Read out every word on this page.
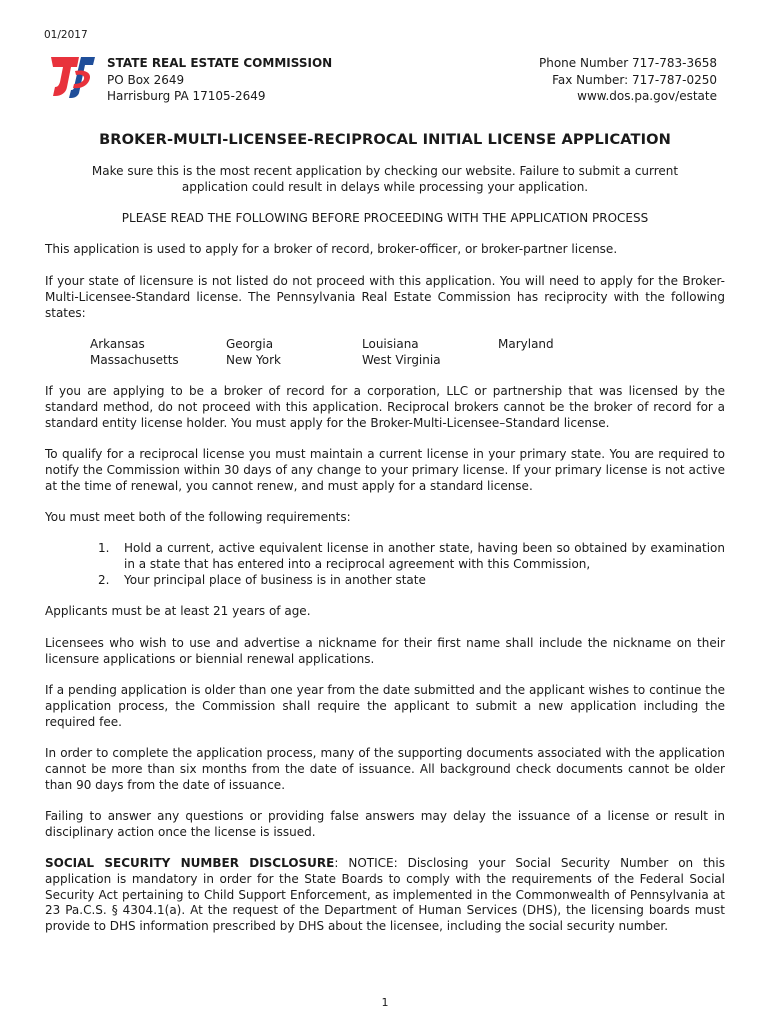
01/2017
STATE REAL ESTATE COMMISSION
PO Box 2649
Harrisburg PA 17105-2649
Phone Number 717-783-3658
Fax Number: 717-787-0250
www.dos.pa.gov/estate
BROKER-MULTI-LICENSEE-RECIPROCAL INITIAL LICENSE APPLICATION
Make sure this is the most recent application by checking our website. Failure to submit a current
application could result in delays while processing your application.
PLEASE READ THE FOLLOWING BEFORE PROCEEDING WITH THE APPLICATION PROCESS
This application is used to apply for a broker of record, broker-officer, or broker-partner license.
If your state of licensure is not listed do not proceed with this application. You will need to apply for the Broker-Multi-Licensee-Standard license. The Pennsylvania Real Estate Commission has reciprocity with the following states:
Arkansas	Georgia	Louisiana	Maryland
Massachusetts	New York	West Virginia
If you are applying to be a broker of record for a corporation, LLC or partnership that was licensed by the standard method, do not proceed with this application. Reciprocal brokers cannot be the broker of record for a standard entity license holder. You must apply for the Broker-Multi-Licensee–Standard license.
To qualify for a reciprocal license you must maintain a current license in your primary state. You are required to notify the Commission within 30 days of any change to your primary license. If your primary license is not active at the time of renewal, you cannot renew, and must apply for a standard license.
You must meet both of the following requirements:
1. Hold a current, active equivalent license in another state, having been so obtained by examination in a state that has entered into a reciprocal agreement with this Commission,
2. Your principal place of business is in another state
Applicants must be at least 21 years of age.
Licensees who wish to use and advertise a nickname for their first name shall include the nickname on their licensure applications or biennial renewal applications.
If a pending application is older than one year from the date submitted and the applicant wishes to continue the application process, the Commission shall require the applicant to submit a new application including the required fee.
In order to complete the application process, many of the supporting documents associated with the application cannot be more than six months from the date of issuance. All background check documents cannot be older than 90 days from the date of issuance.
Failing to answer any questions or providing false answers may delay the issuance of a license or result in disciplinary action once the license is issued.
SOCIAL SECURITY NUMBER DISCLOSURE: NOTICE: Disclosing your Social Security Number on this application is mandatory in order for the State Boards to comply with the requirements of the Federal Social Security Act pertaining to Child Support Enforcement, as implemented in the Commonwealth of Pennsylvania at 23 Pa.C.S. § 4304.1(a). At the request of the Department of Human Services (DHS), the licensing boards must provide to DHS information prescribed by DHS about the licensee, including the social security number.
1
